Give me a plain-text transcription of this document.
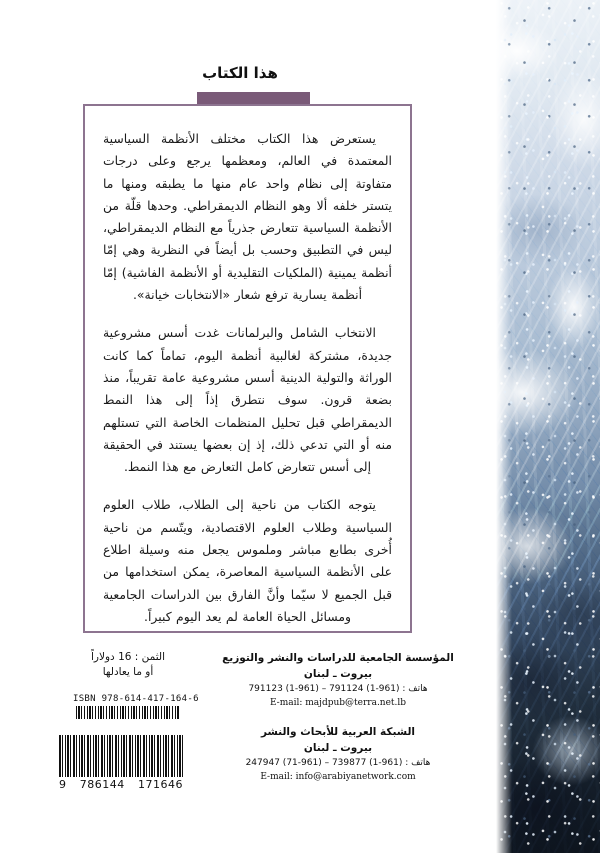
هذا الكتاب

يستعرض هذا الكتاب مختلف الأنظمة السياسية المعتمدة في العالم، ومعظمها يرجع وعلى درجات متفاوتة إلى نظام واحد عام منها ما يطبقه ومنها ما يتستر خلفه ألا وهو النظام الديمقراطي. وحدها قلّة من الأنظمة السياسية تتعارض جذرياً مع النظام الديمقراطي، ليس في التطبيق وحسب بل أيضاً في النظرية وهي إمّا أنظمة يمينية (الملكيات التقليدية أو الأنظمة الفاشية) إمّا أنظمة يسارية ترفع شعار «الانتخابات خيانة».

الانتخاب الشامل والبرلمانات غدت أسس مشروعية جديدة، مشتركة لغالبية أنظمة اليوم، تماماً كما كانت الوراثة والتولية الدينية أسس مشروعية عامة تقريباً، منذ بضعة قرون. سوف نتطرق إذاً إلى هذا النمط الديمقراطي قبل تحليل المنظمات الخاصة التي تستلهم منه أو التي تدعي ذلك، إذ إن بعضها يستند في الحقيقة إلى أسس تتعارض كامل التعارض مع هذا النمط.

يتوجه الكتاب من ناحية إلى الطلاب، طلاب العلوم السياسية وطلاب العلوم الاقتصادية، ويتّسم من ناحية أُخرى بطابع مباشر وملموس يجعل منه وسيلة اطلاع على الأنظمة السياسية المعاصرة، يمكن استخدامها من قبل الجميع لا سيّما وأنَّ الفارق بين الدراسات الجامعية ومسائل الحياة العامة لم يعد اليوم كبيراً.

الثمن : 16 دولاراً
أو ما يعادلها
ISBN 978-614-417-164-6
9 786144 171646
المؤسسة الجامعية للدراسات والنشر والتوزيع
بيروت ـ لبنان
هاتف : (961-1) 791124 – (961-1) 791123
E-mail: majdpub@terra.net.lb
الشبكة العربية للأبحاث والنشر
بيروت ـ لبنان
هاتف : (961-1) 739877 – (961-71) 247947
E-mail: info@arabiyanetwork.com
